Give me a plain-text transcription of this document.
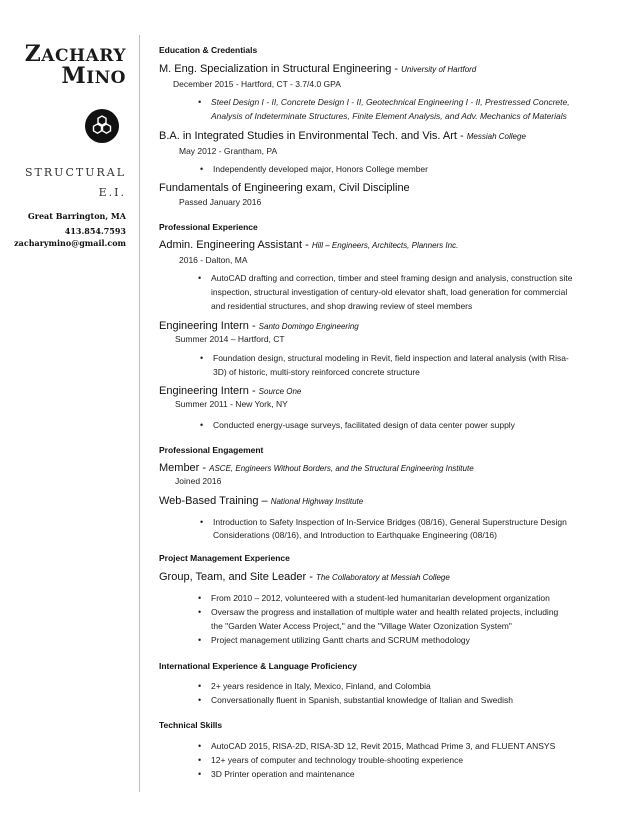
ZACHARY
MINO
STRUCTURAL
E.I.
Great Barrington, MA
413.854.7593
zacharymino@gmail.com
Education & Credentials
M. Eng. Specialization in Structural Engineering - University of Hartford
December 2015 - Hartford, CT - 3.7/4.0 GPA
• Steel Design I - II, Concrete Design I - II, Geotechnical Engineering I - II, Prestressed Concrete,
Analysis of Indeterminate Structures, Finite Element Analysis, and Adv. Mechanics of Materials
B.A. in Integrated Studies in Environmental Tech. and Vis. Art - Messiah College
May 2012 - Grantham, PA
• Independently developed major, Honors College member
Fundamentals of Engineering exam, Civil Discipline
Passed January 2016
Professional Experience
Admin. Engineering Assistant - Hill – Engineers, Architects, Planners Inc.
2016 - Dalton, MA
• AutoCAD drafting and correction, timber and steel framing design and analysis, construction site
inspection, structural investigation of century-old elevator shaft, load generation for commercial
and residential structures, and shop drawing review of steel members
Engineering Intern - Santo Domingo Engineering
Summer 2014 – Hartford, CT
• Foundation design, structural modeling in Revit, field inspection and lateral analysis (with Risa-
3D) of historic, multi-story reinforced concrete structure
Engineering Intern - Source One
Summer 2011 - New York, NY
• Conducted energy-usage surveys, facilitated design of data center power supply
Professional Engagement
Member - ASCE, Engineers Without Borders, and the Structural Engineering Institute
Joined 2016
Web-Based Training – National Highway Institute
• Introduction to Safety Inspection of In-Service Bridges (08/16), General Superstructure Design
Considerations (08/16), and Introduction to Earthquake Engineering (08/16)
Project Management Experience
Group, Team, and Site Leader - The Collaboratory at Messiah College
• From 2010 – 2012, volunteered with a student-led humanitarian development organization
• Oversaw the progress and installation of multiple water and health related projects, including
the "Garden Water Access Project," and the "Village Water Ozonization System"
• Project management utilizing Gantt charts and SCRUM methodology
International Experience & Language Proficiency
• 2+ years residence in Italy, Mexico, Finland, and Colombia
• Conversationally fluent in Spanish, substantial knowledge of Italian and Swedish
Technical Skills
• AutoCAD 2015, RISA-2D, RISA-3D 12, Revit 2015, Mathcad Prime 3, and FLUENT ANSYS
• 12+ years of computer and technology trouble-shooting experience
• 3D Printer operation and maintenance
